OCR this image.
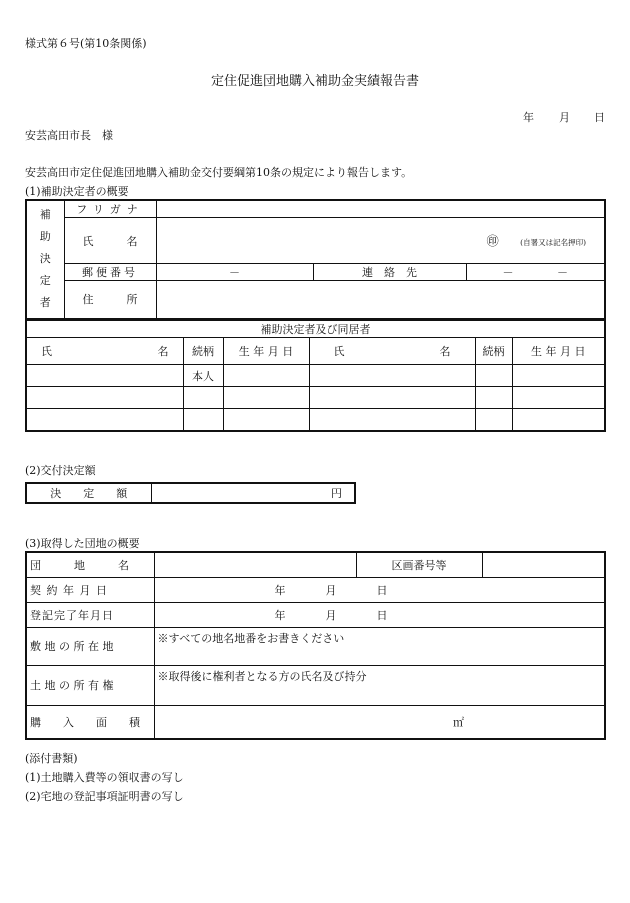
様式第６号(第10条関係)
定住促進団地購入補助金実績報告書
年 月 日
安芸高田市長　様
安芸高田市定住促進団地購入補助金交付要綱第10条の規定により報告します。
(1)補助決定者の概要
補
助
決
定
者	フリガナ			
	氏　　　名	㊞ (自署又は記名押印)		
	郵便番号	－	連　絡　先	－ －
	住　　　所			
補助決定者及び同居者					
氏 名	続柄	生 年 月 日	氏 名	続柄	生 年 月 日
	本人				

(2)交付決定額
決　　定　　額	円
(3)取得した団地の概要
団　　　地　　　名		区画番号等	
契 約 年 月 日	年 月 日		
登記完了年月日	年 月 日		
敷 地 の 所 在 地	※すべての地名地番をお書きください		
土 地 の 所 有 権	※取得後に権利者となる方の氏名及び持分		
購　　入　　面　　積	㎡		
(添付書類)
(1)土地購入費等の領収書の写し
(2)宅地の登記事項証明書の写し
